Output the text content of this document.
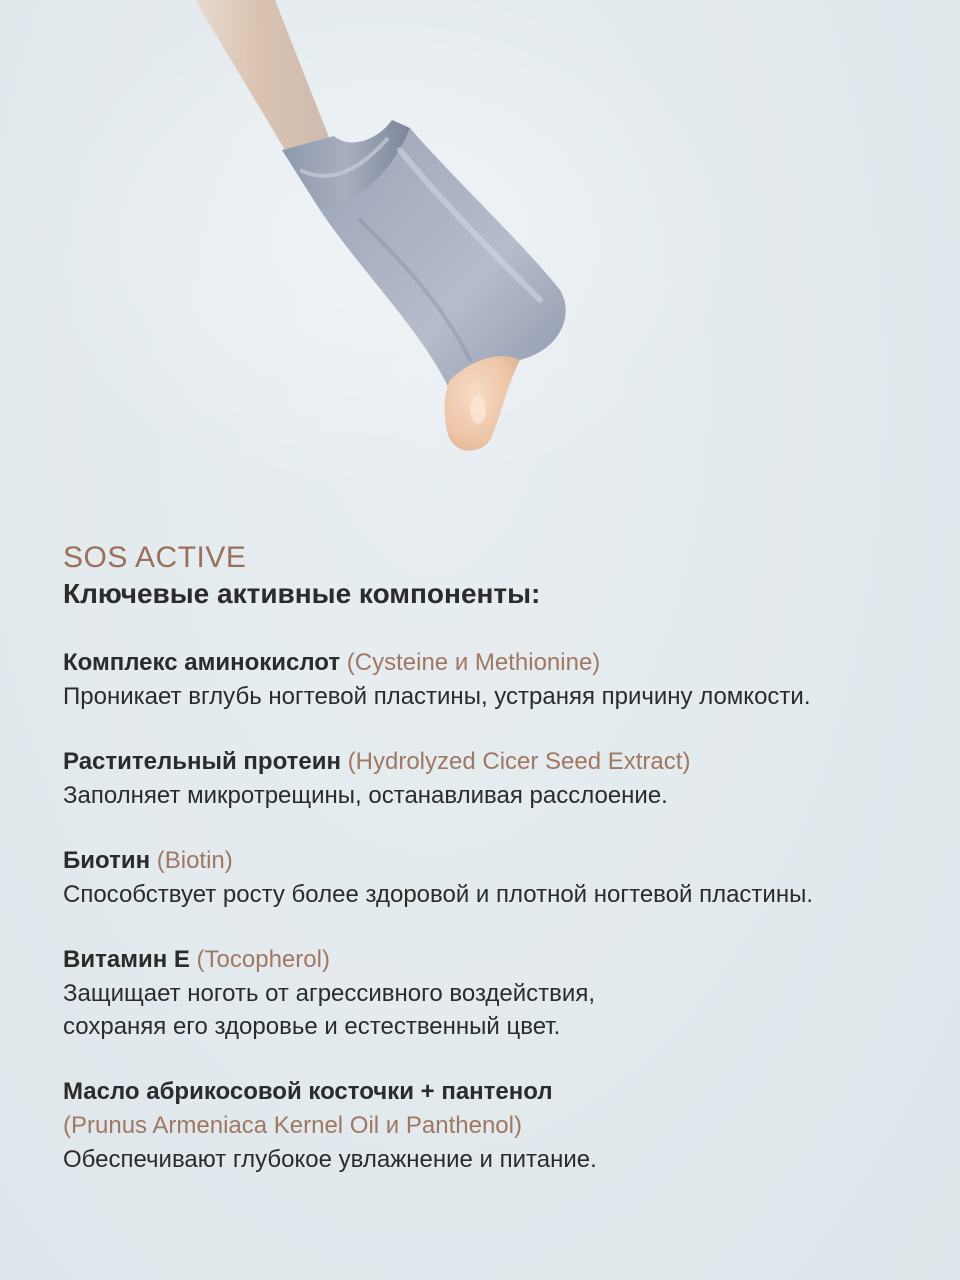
SOS ACTIVE

Ключевые активные компоненты:

Комплекс аминокислот (Cysteine и Methionine)

Проникает вглубь ногтевой пластины, устраняя причину ломкости.

Растительный протеин (Hydrolyzed Cicer Seed Extract)

Заполняет микротрещины, останавливая расслоение.

Биотин (Biotin)

Способствует росту более здоровой и плотной ногтевой пластины.

Витамин Е (Tocopherol)

Защищает ноготь от агрессивного воздействия,

сохраняя его здоровье и естественный цвет.

Масло абрикосовой косточки + пантенол

(Prunus Armeniaca Kernel Oil и Panthenol)

Обеспечивают глубокое увлажнение и питание.
